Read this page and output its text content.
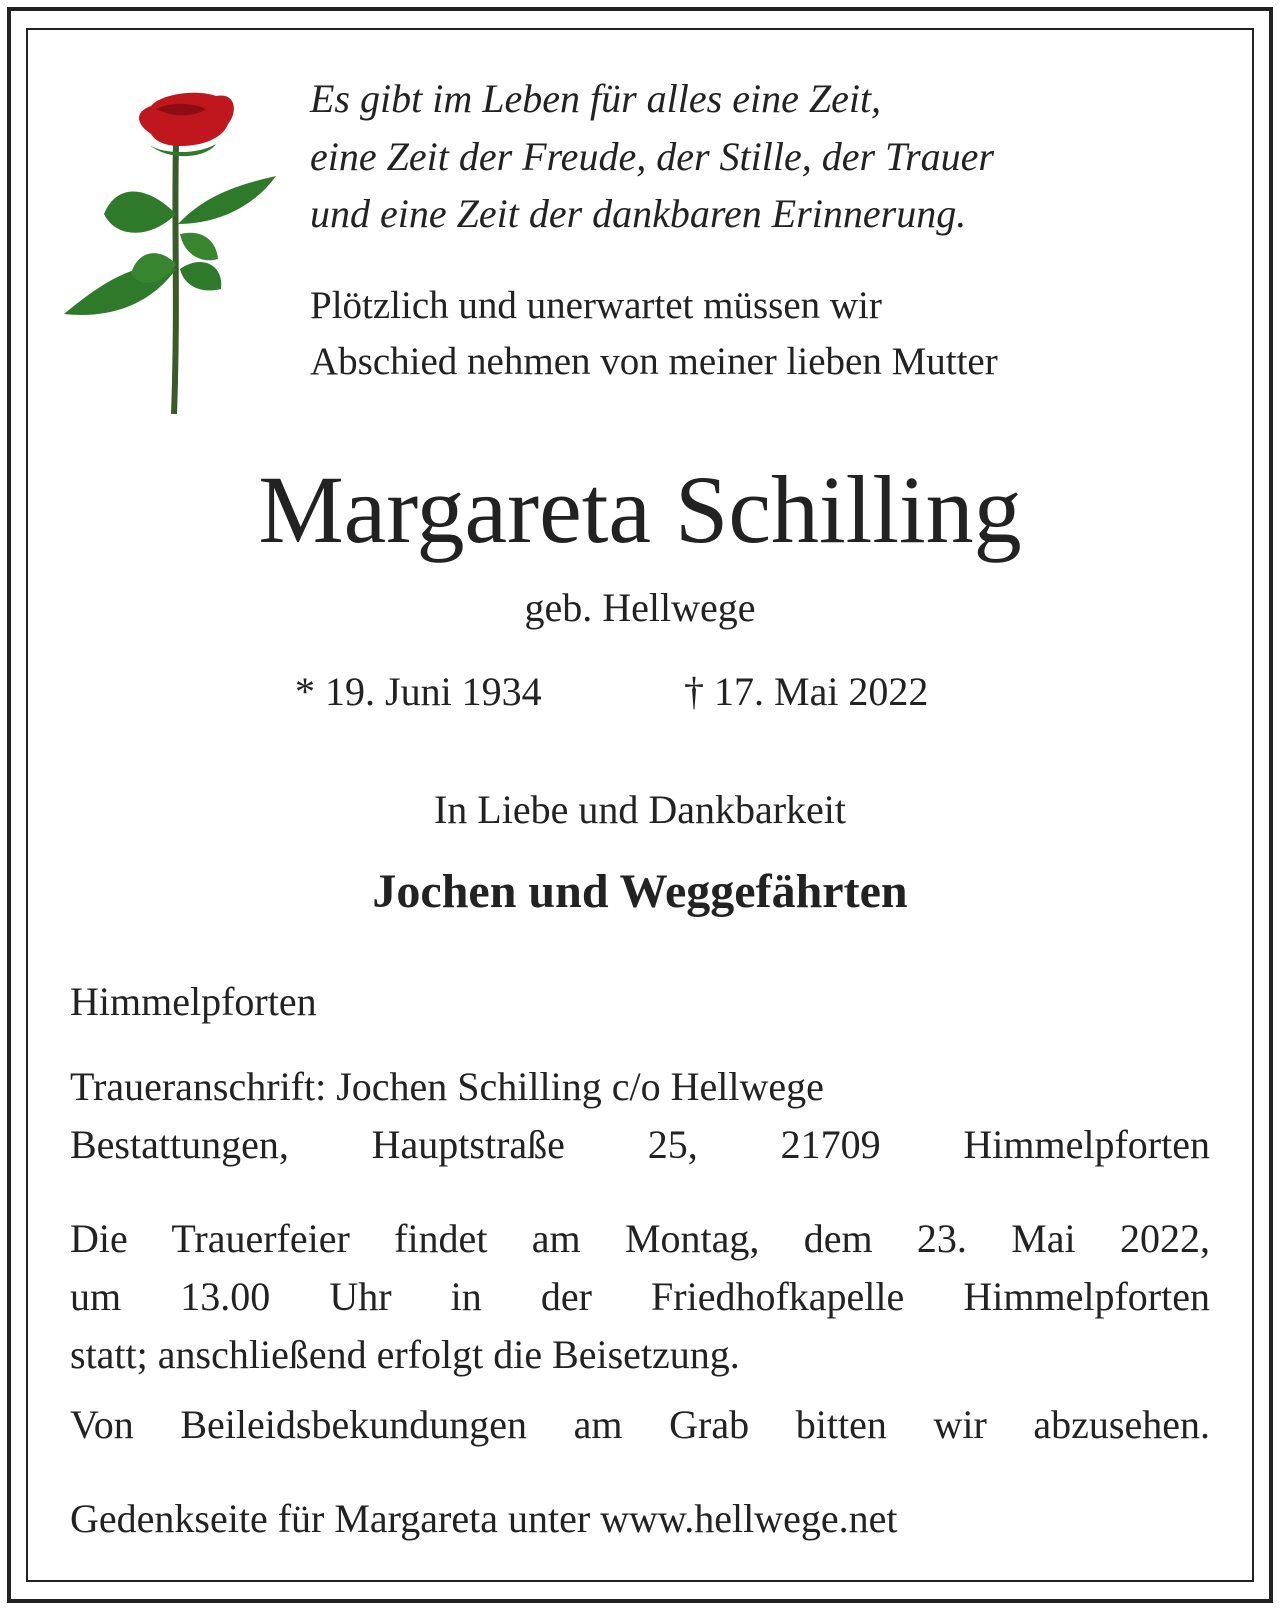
Es gibt im Leben für alles eine Zeit,
eine Zeit der Freude, der Stille, der Trauer
und eine Zeit der dankbaren Erinnerung.
Plötzlich und unerwartet müssen wir
Abschied nehmen von meiner lieben Mutter
Margareta Schilling
geb. Hellwege
* 19. Juni 1934	† 17. Mai 2022
In Liebe und Dankbarkeit
Jochen und Weggefährten
Himmelpforten
Traueranschrift: Jochen Schilling c/o Hellwege
Bestattungen, Hauptstraße 25, 21709 Himmelpforten
Die Trauerfeier findet am Montag, dem 23. Mai 2022,
um 13.00 Uhr in der Friedhofkapelle Himmelpforten
statt; anschließend erfolgt die Beisetzung.
Von Beileidsbekundungen am Grab bitten wir abzusehen.
Gedenkseite für Margareta unter www.hellwege.net
